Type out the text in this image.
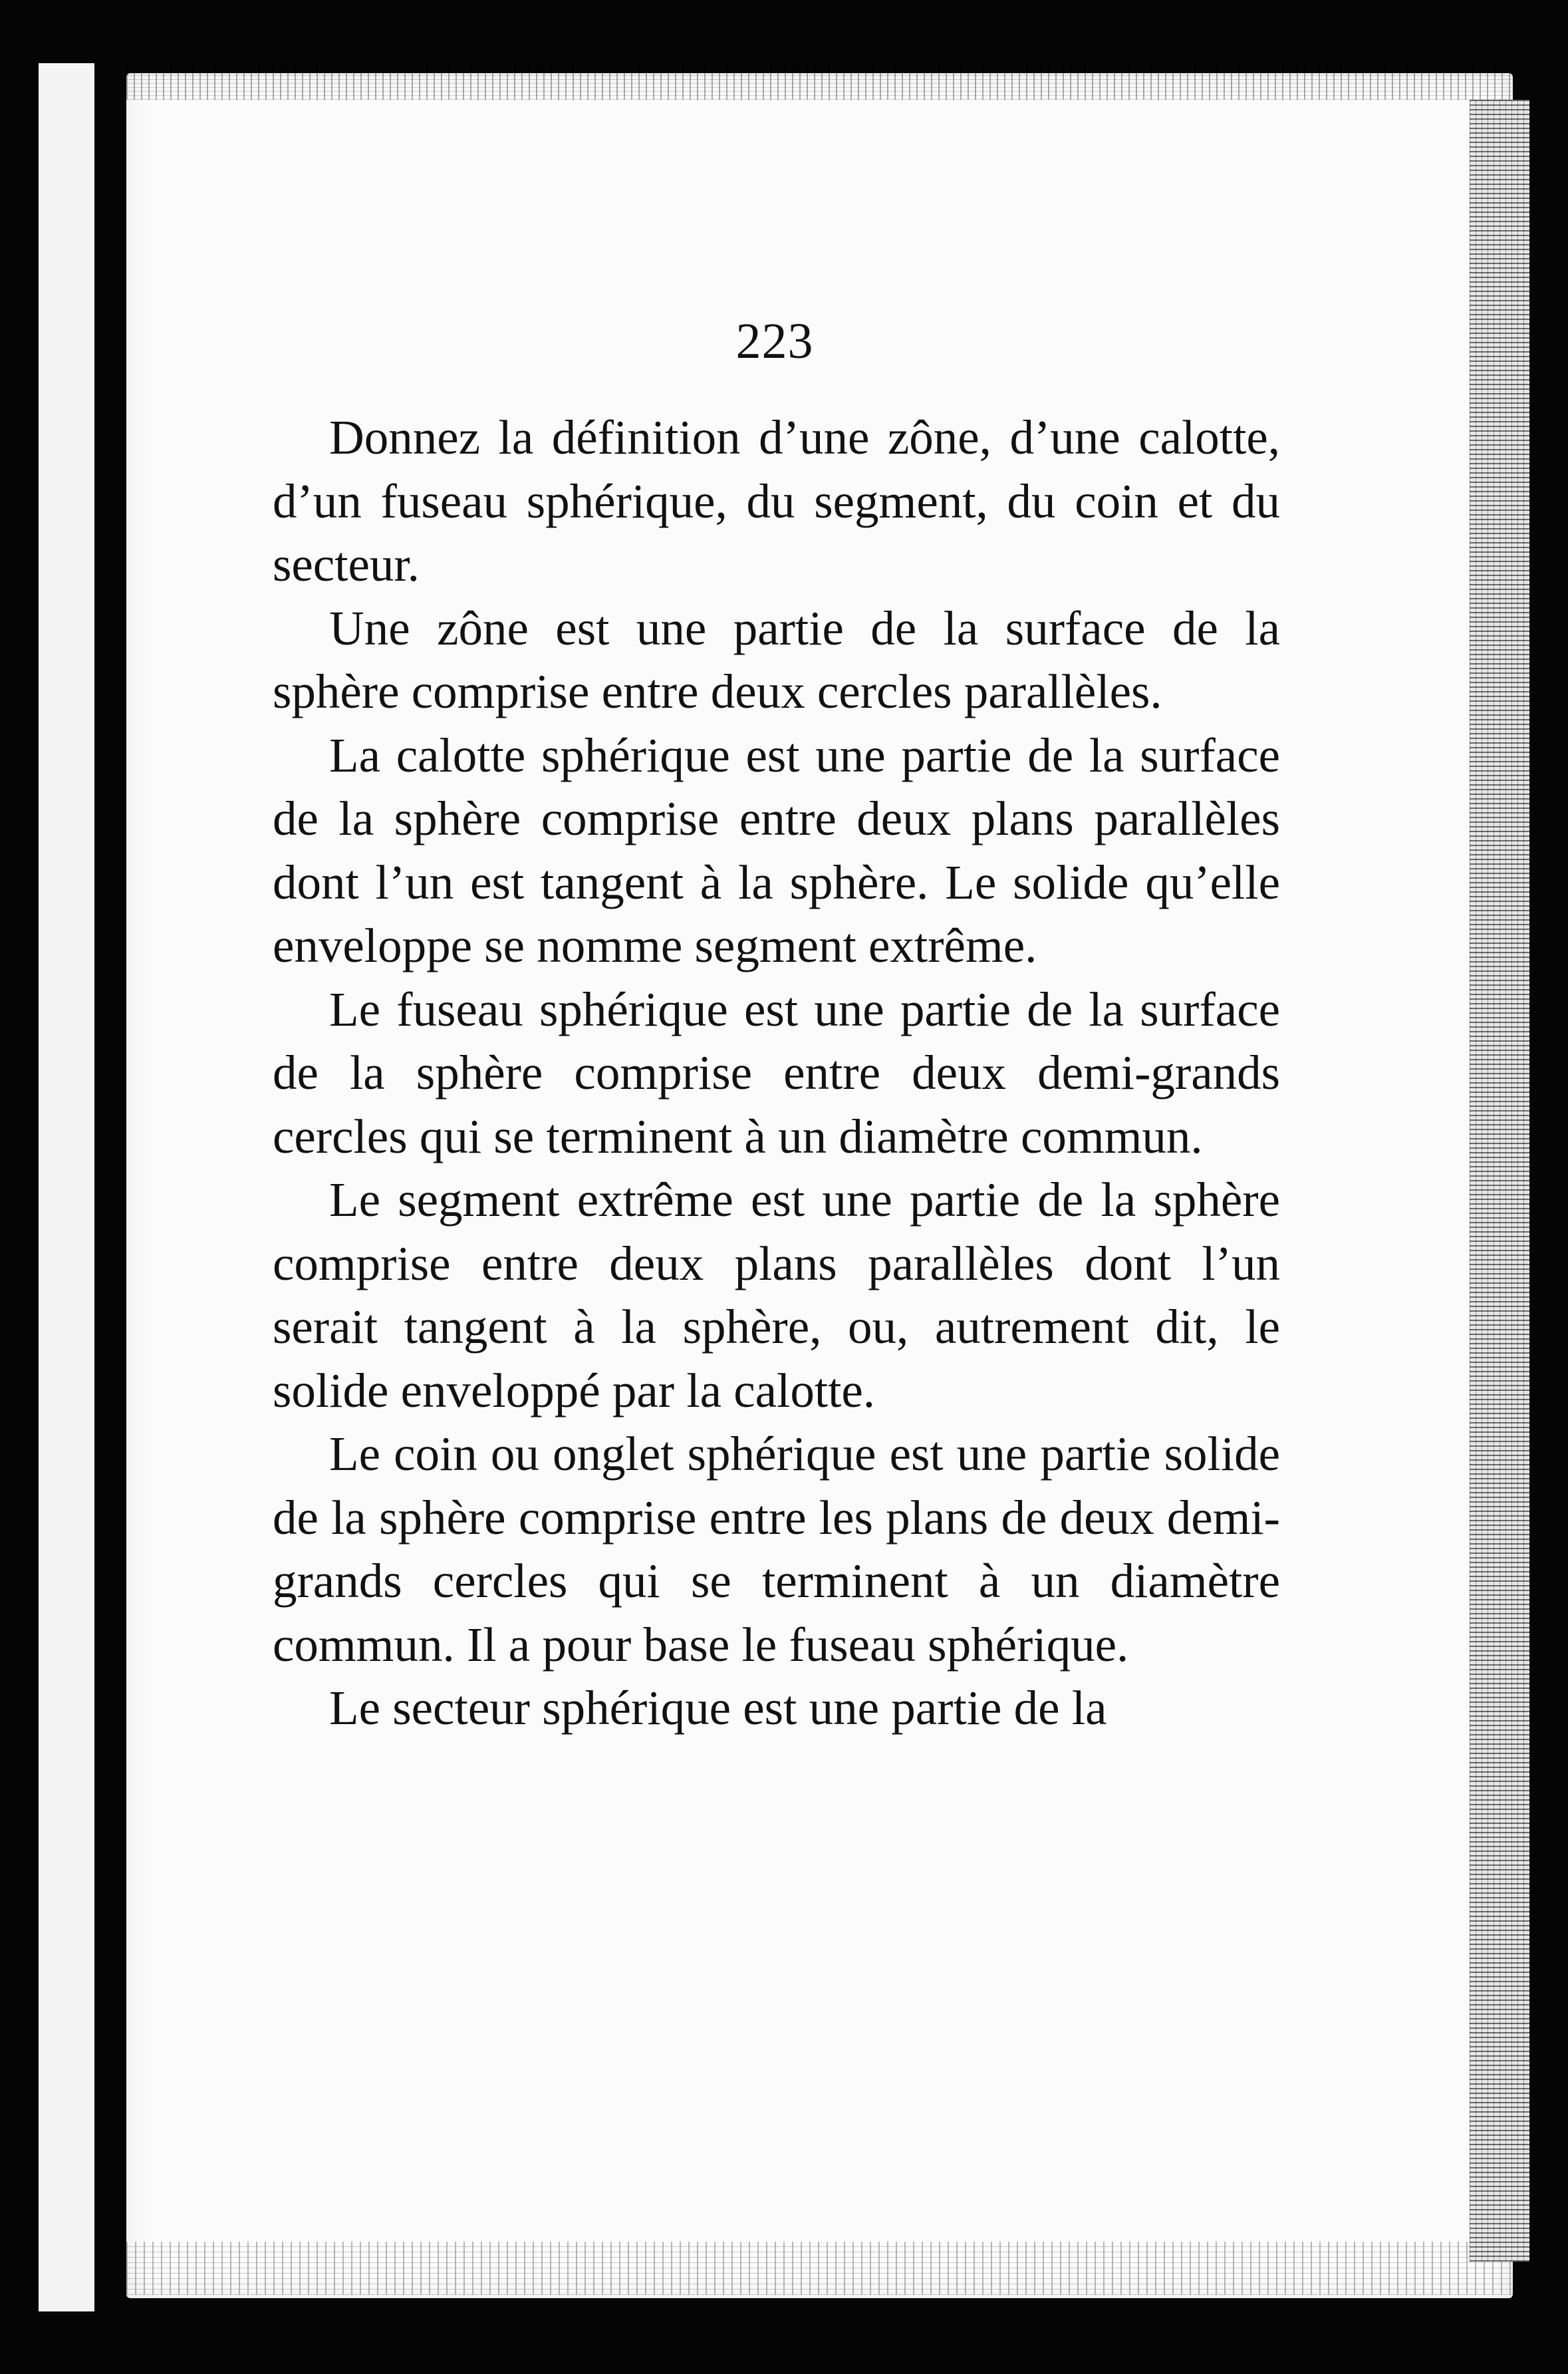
223

Donnez la définition d’une zône, d’une calotte, d’un fuseau sphérique, du segment, du coin et du secteur.

Une zône est une partie de la surface de la sphère comprise entre deux cercles parallèles.

La calotte sphérique est une partie de la surface de la sphère comprise entre deux plans parallèles dont l’un est tangent à la sphère. Le solide qu’elle enveloppe se nomme segment extrême.

Le fuseau sphérique est une partie de la surface de la sphère comprise entre deux demi-grands cercles qui se terminent à un diamètre commun.

Le segment extrême est une partie de la sphère comprise entre deux plans parallèles dont l’un serait tangent à la sphère, ou, autrement dit, le solide enveloppé par la calotte.

Le coin ou onglet sphérique est une partie solide de la sphère comprise entre les plans de deux demi-grands cercles qui se terminent à un diamètre commun. Il a pour base le fuseau sphérique.

Le secteur sphérique est une partie de la
